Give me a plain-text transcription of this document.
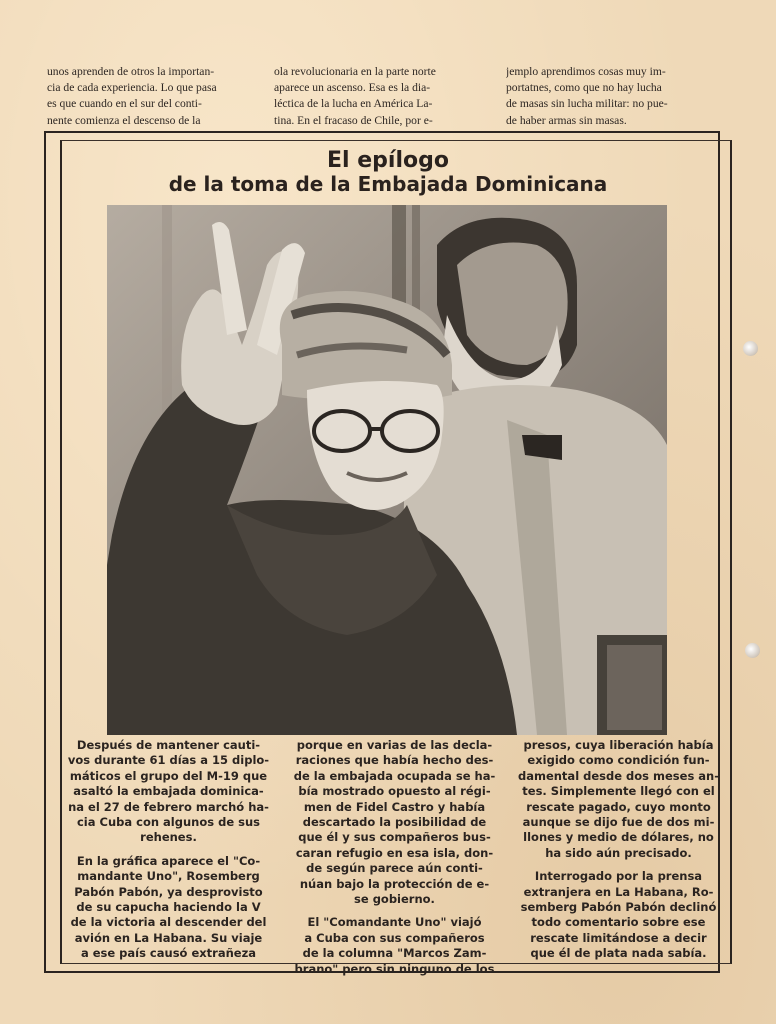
unos aprenden de otros la importan-
cia de cada experiencia. Lo que pasa
es que cuando en el sur del conti-
nente comienza el descenso de la
ola revolucionaria en la parte norte
aparece un ascenso. Esa es la dia-
léctica de la lucha en América La-
tina. En el fracaso de Chile, por e-
jemplo aprendimos cosas muy im-
portatnes, como que no hay lucha
de masas sin lucha militar: no pue-
de haber armas sin masas.
El epílogo
de la toma de la Embajada Dominicana
Después de mantener cauti-
vos durante 61 días a 15 diplo-
máticos el grupo del M-19 que
asaltó la embajada dominica-
na el 27 de febrero marchó ha-
cia Cuba con algunos de sus
rehenes.
En la gráfica aparece el "Co-
mandante Uno", Rosemberg
Pabón Pabón, ya desprovisto
de su capucha haciendo la V
de la victoria al descender del
avión en La Habana. Su viaje
a ese país causó extrañeza
porque en varias de las decla-
raciones que había hecho des-
de la embajada ocupada se ha-
bía mostrado opuesto al régi-
men de Fidel Castro y había
descartado la posibilidad de
que él y sus compañeros bus-
caran refugio en esa isla, don-
de según parece aún conti-
núan bajo la protección de e-
se gobierno.
El "Comandante Uno" viajó
a Cuba con sus compañeros
de la columna "Marcos Zam-
brano" pero sin ninguno de los
presos, cuya liberación había
exigido como condición fun-
damental desde dos meses an-
tes. Simplemente llegó con el
rescate pagado, cuyo monto
aunque se dijo fue de dos mi-
llones y medio de dólares, no
ha sido aún precisado.
Interrogado por la prensa
extranjera en La Habana, Ro-
semberg Pabón Pabón declinó
todo comentario sobre ese
rescate limitándose a decir
que él de plata nada sabía.
